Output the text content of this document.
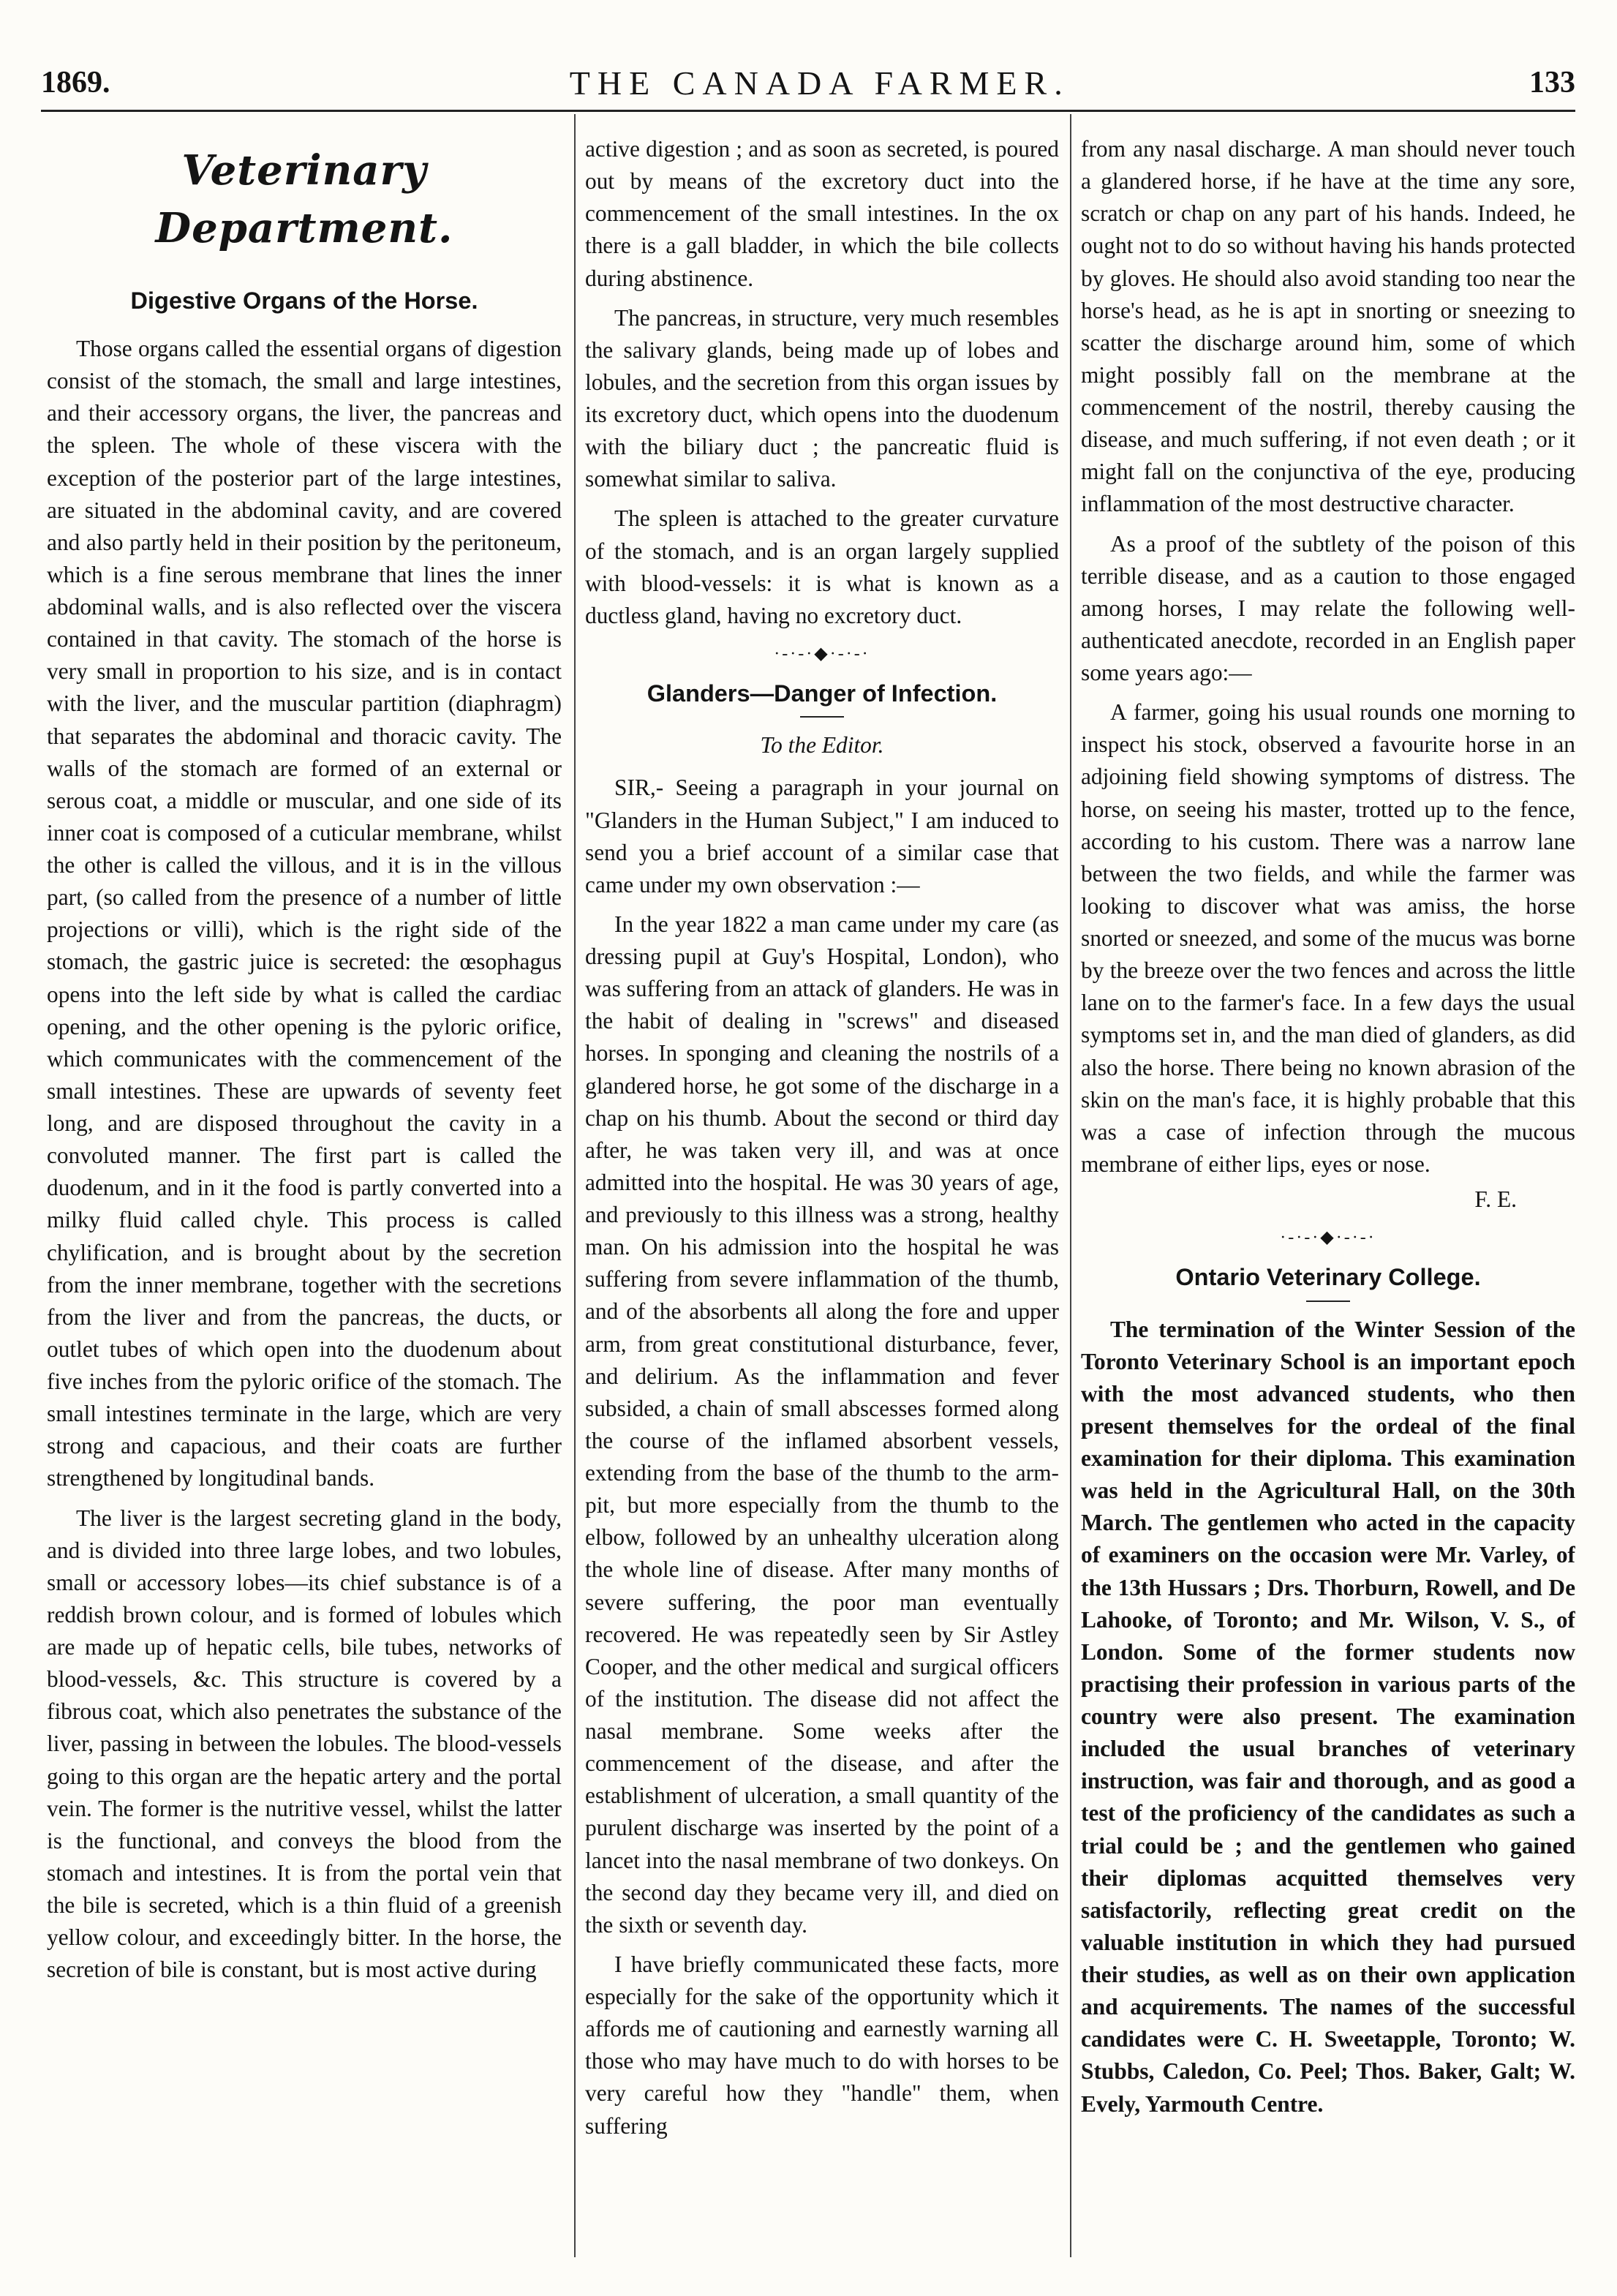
1869.	THE CANADA FARMER.	133
Veterinary Department.
Digestive Organs of the Horse.

Those organs called the essential organs of digestion consist of the stomach, the small and large intestines, and their accessory organs, the liver, the pancreas and the spleen. The whole of these viscera with the exception of the posterior part of the large intestines, are situated in the abdominal cavity, and are covered and also partly held in their position by the peritoneum, which is a fine serous membrane that lines the inner abdominal walls, and is also reflected over the viscera contained in that cavity. The stomach of the horse is very small in proportion to his size, and is in contact with the liver, and the muscular partition (diaphragm) that separates the abdominal and thoracic cavity. The walls of the stomach are formed of an external or serous coat, a middle or muscular, and one side of its inner coat is composed of a cuticular membrane, whilst the other is called the villous, and it is in the villous part, (so called from the presence of a number of little projections or villi), which is the right side of the stomach, the gastric juice is secreted: the œsophagus opens into the left side by what is called the cardiac opening, and the other opening is the pyloric orifice, which communicates with the commencement of the small intestines. These are upwards of seventy feet long, and are disposed throughout the cavity in a convoluted manner. The first part is called the duodenum, and in it the food is partly converted into a milky fluid called chyle. This process is called chylification, and is brought about by the secretion from the inner membrane, together with the secretions from the liver and from the pancreas, the ducts, or outlet tubes of which open into the duodenum about five inches from the pyloric orifice of the stomach. The small intestines terminate in the large, which are very strong and capacious, and their coats are further strengthened by longitudinal bands.

The liver is the largest secreting gland in the body, and is divided into three large lobes, and two lobules, small or accessory lobes—its chief substance is of a reddish brown colour, and is formed of lobules which are made up of hepatic cells, bile tubes, networks of blood-vessels, &c. This structure is covered by a fibrous coat, which also penetrates the substance of the liver, passing in between the lobules. The blood-vessels going to this organ are the hepatic artery and the portal vein. The former is the nutritive vessel, whilst the latter is the functional, and conveys the blood from the stomach and intestines. It is from the portal vein that the bile is secreted, which is a thin fluid of a greenish yellow colour, and exceedingly bitter. In the horse, the secretion of bile is constant, but is most active during

active digestion ; and as soon as secreted, is poured out by means of the excretory duct into the commencement of the small intestines. In the ox there is a gall bladder, in which the bile collects during abstinence.

The pancreas, in structure, very much resembles the salivary glands, being made up of lobes and lobules, and the secretion from this organ issues by its excretory duct, which opens into the duodenum with the biliary duct ; the pancreatic fluid is somewhat similar to saliva.

The spleen is attached to the greater curvature of the stomach, and is an organ largely supplied with blood-vessels: it is what is known as a ductless gland, having no excretory duct.

·-·-·◆·-·-·
Glanders—Danger of Infection.
To the Editor.

SIR,- Seeing a paragraph in your journal on "Glanders in the Human Subject," I am induced to send you a brief account of a similar case that came under my own observation :—

In the year 1822 a man came under my care (as dressing pupil at Guy's Hospital, London), who was suffering from an attack of glanders. He was in the habit of dealing in "screws" and diseased horses. In sponging and cleaning the nostrils of a glandered horse, he got some of the discharge in a chap on his thumb. About the second or third day after, he was taken very ill, and was at once admitted into the hospital. He was 30 years of age, and previously to this illness was a strong, healthy man. On his admission into the hospital he was suffering from severe inflammation of the thumb, and of the absorbents all along the fore and upper arm, from great constitutional disturbance, fever, and delirium. As the inflammation and fever subsided, a chain of small abscesses formed along the course of the inflamed absorbent vessels, extending from the base of the thumb to the arm-pit, but more especially from the thumb to the elbow, followed by an unhealthy ulceration along the whole line of disease. After many months of severe suffering, the poor man eventually recovered. He was repeatedly seen by Sir Astley Cooper, and the other medical and surgical officers of the institution. The disease did not affect the nasal membrane. Some weeks after the commencement of the disease, and after the establishment of ulceration, a small quantity of the purulent discharge was inserted by the point of a lancet into the nasal membrane of two donkeys. On the second day they became very ill, and died on the sixth or seventh day.

I have briefly communicated these facts, more especially for the sake of the opportunity which it affords me of cautioning and earnestly warning all those who may have much to do with horses to be very careful how they "handle" them, when suffering

from any nasal discharge. A man should never touch a glandered horse, if he have at the time any sore, scratch or chap on any part of his hands. Indeed, he ought not to do so without having his hands protected by gloves. He should also avoid standing too near the horse's head, as he is apt in snorting or sneezing to scatter the discharge around him, some of which might possibly fall on the membrane at the commencement of the nostril, thereby causing the disease, and much suffering, if not even death ; or it might fall on the conjunctiva of the eye, producing inflammation of the most destructive character.

As a proof of the subtlety of the poison of this terrible disease, and as a caution to those engaged among horses, I may relate the following well-authenticated anecdote, recorded in an English paper some years ago:—

A farmer, going his usual rounds one morning to inspect his stock, observed a favourite horse in an adjoining field showing symptoms of distress. The horse, on seeing his master, trotted up to the fence, according to his custom. There was a narrow lane between the two fields, and while the farmer was looking to discover what was amiss, the horse snorted or sneezed, and some of the mucus was borne by the breeze over the two fences and across the little lane on to the farmer's face. In a few days the usual symptoms set in, and the man died of glanders, as did also the horse. There being no known abrasion of the skin on the man's face, it is highly probable that this was a case of infection through the mucous membrane of either lips, eyes or nose.

F. E.
·-·-·◆·-·-·
Ontario Veterinary College.

The termination of the Winter Session of the Toronto Veterinary School is an important epoch with the most advanced students, who then present themselves for the ordeal of the final examination for their diploma. This examination was held in the Agricultural Hall, on the 30th March. The gentlemen who acted in the capacity of examiners on the occasion were Mr. Varley, of the 13th Hussars ; Drs. Thorburn, Rowell, and De Lahooke, of Toronto; and Mr. Wilson, V. S., of London. Some of the former students now practising their profession in various parts of the country were also present. The examination included the usual branches of veterinary instruction, was fair and thorough, and as good a test of the proficiency of the candidates as such a trial could be ; and the gentlemen who gained their diplomas acquitted themselves very satisfactorily, reflecting great credit on the valuable institution in which they had pursued their studies, as well as on their own application and acquirements. The names of the successful candidates were C. H. Sweetapple, Toronto; W. Stubbs, Caledon, Co. Peel; Thos. Baker, Galt; W. Evely, Yarmouth Centre.
